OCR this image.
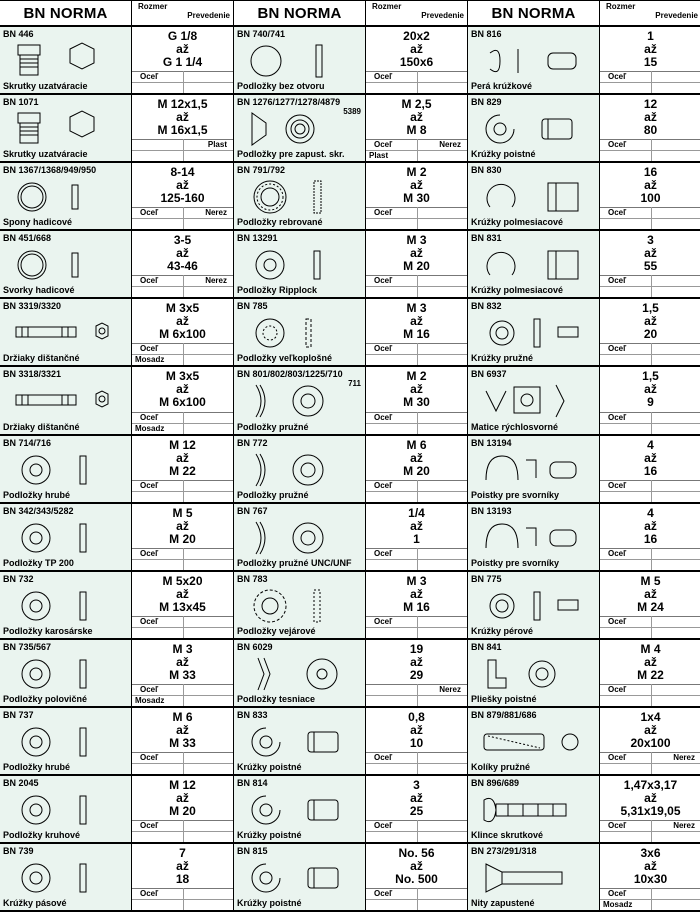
BN NORMA	Rozmer
Prevedenie
BN 446
Skrutky uzatváracie
G 1/8
až
G 1 1/4
Oceľ
BN 1071
Skrutky uzatváracie
M 12x1,5
až
M 16x1,5
Plast
BN 1367/1368/949/950
Spony hadicové
8-14
až
125-160
Oceľ	Nerez
BN 451/668
Svorky hadicové
3-5
až
43-46
Oceľ	Nerez
BN 3319/3320
Držiaky dištančné
M 3x5
až
M 6x100
Oceľ
Mosadz
BN 3318/3321
Držiaky dištančné
M 3x5
až
M 6x100
Oceľ
Mosadz
BN 714/716
Podložky hrubé
M 12
až
M 22
Oceľ
BN 342/343/5282
Podložky TP 200
M 5
až
M 20
Oceľ
BN 732
Podložky karosárske
M 5x20
až
M 13x45
Oceľ
BN 735/567
Podložky polovičné
M 3
až
M 33
Oceľ
Mosadz
BN 737
Podložky hrubé
M 6
až
M 33
Oceľ
BN 2045
Podložky kruhové
M 12
až
M 20
Oceľ
BN 739
Krúžky pásové
7
až
18
Oceľ
BN NORMA	Rozmer
Prevedenie
BN 740/741
Podložky bez otvoru
20x2
až
150x6
Oceľ
BN 1276/1277/1278/4879
5389
Podložky pre zapust. skr.
M 2,5
až
M 8
Oceľ	Nerez
Plast
BN 791/792
Podložky rebrované
M 2
až
M 30
Oceľ
BN 13291
Podložky Ripplock
M 3
až
M 20
Oceľ
BN 785
Podložky veľkoplošné
M 3
až
M 16
Oceľ
BN 801/802/803/1225/710
711
Podložky pružné
M 2
až
M 30
Oceľ
BN 772
Podložky pružné
M 6
až
M 20
Oceľ
BN 767
Podložky pružné UNC/UNF
1/4
až
1
Oceľ
BN 783
Podložky vejárové
M 3
až
M 16
Oceľ
BN 6029
Podložky tesniace
19
až
29
Nerez
BN 833
Krúžky poistné
0,8
až
10
Oceľ
BN 814
Krúžky poistné
3
až
25
Oceľ
BN 815
Krúžky poistné
No. 56
až
No. 500
Oceľ
BN NORMA	Rozmer
Prevedenie
BN 816
Perá krúžkové
1
až
15
Oceľ
BN 829
Krúžky poistné
12
až
80
Oceľ
BN 830
Krúžky polmesiacové
16
až
100
Oceľ
BN 831
Krúžky polmesiacové
3
až
55
Oceľ
BN 832
Krúžky pružné
1,5
až
20
Oceľ
BN 6937
Matice rýchlosvorné
1,5
až
9
Oceľ
BN 13194
Poistky pre svorníky
4
až
16
Oceľ
BN 13193
Poistky pre svorníky
4
až
16
Oceľ
BN 775
Krúžky pérové
M 5
až
M 24
Oceľ
BN 841
Pliešky poistné
M 4
až
M 22
Oceľ
BN 879/881/686
Kolíky pružné
1x4
až
20x100
Oceľ	Nerez
BN 896/689
Klince skrutkové
1,47x3,17
až
5,31x19,05
Oceľ	Nerez
BN 273/291/318
Nity zapustené
3x6
až
10x30
Oceľ
Mosadz
